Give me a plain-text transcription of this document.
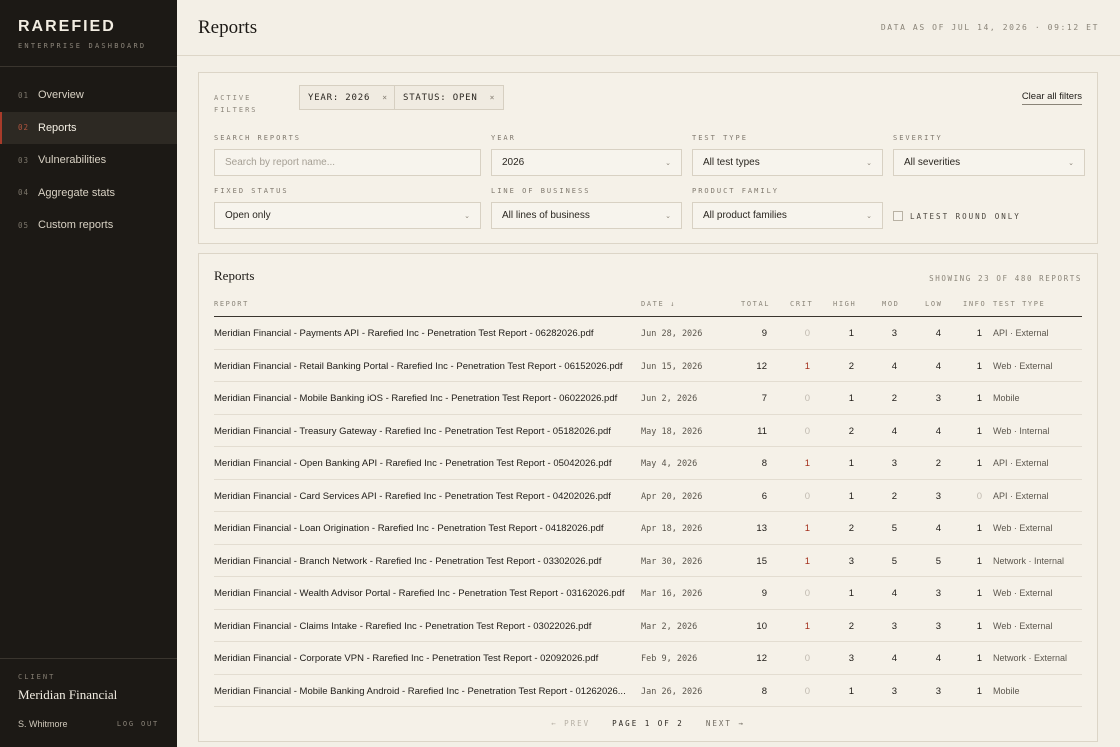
RAREFIED
ENTERPRISE DASHBOARD
01 Overview
02 Reports
03 Vulnerabilities
04 Aggregate stats
05 Custom reports
CLIENT
Meridian Financial
S. Whitmore	LOG OUT
Reports	DATA AS OF JUL 14, 2026 · 09:12 ET
ACTIVE FILTERS
YEAR: 2026 × STATUS: OPEN ×	Clear all filters
SEARCH REPORTS
Search by report name...
YEAR
2026	⌄
TEST TYPE
All test types	⌄
SEVERITY
All severities	⌄
FIXED STATUS
Open only	⌄
LINE OF BUSINESS
All lines of business	⌄
PRODUCT FAMILY
All product families	⌄	LATEST ROUND ONLY
Reports	SHOWING 23 OF 480 REPORTS
REPORT	DATE ↓	TOTAL	CRIT	HIGH	MOD	LOW	INFO TEST TYPE
Meridian Financial - Payments API - Rarefied Inc - Penetration Test Report - 06282026.pdf	Jun 28, 2026	9	0	1	3	4	1 API · External
Meridian Financial - Retail Banking Portal - Rarefied Inc - Penetration Test Report - 06152026.pdf	Jun 15, 2026	12	1	2	4	4	1 Web · External
Meridian Financial - Mobile Banking iOS - Rarefied Inc - Penetration Test Report - 06022026.pdf	Jun 2, 2026	7	0	1	2	3	1 Mobile
Meridian Financial - Treasury Gateway - Rarefied Inc - Penetration Test Report - 05182026.pdf	May 18, 2026	11	0	2	4	4	1 Web · Internal
Meridian Financial - Open Banking API - Rarefied Inc - Penetration Test Report - 05042026.pdf	May 4, 2026	8	1	1	3	2	1 API · External
Meridian Financial - Card Services API - Rarefied Inc - Penetration Test Report - 04202026.pdf	Apr 20, 2026	6	0	1	2	3	0 API · External
Meridian Financial - Loan Origination - Rarefied Inc - Penetration Test Report - 04182026.pdf	Apr 18, 2026	13	1	2	5	4	1 Web · External
Meridian Financial - Branch Network - Rarefied Inc - Penetration Test Report - 03302026.pdf	Mar 30, 2026	15	1	3	5	5	1 Network · Internal
Meridian Financial - Wealth Advisor Portal - Rarefied Inc - Penetration Test Report - 03162026.pdf	Mar 16, 2026	9	0	1	4	3	1 Web · External
Meridian Financial - Claims Intake - Rarefied Inc - Penetration Test Report - 03022026.pdf	Mar 2, 2026	10	1	2	3	3	1 Web · External
Meridian Financial - Corporate VPN - Rarefied Inc - Penetration Test Report - 02092026.pdf	Feb 9, 2026	12	0	3	4	4	1 Network · External
Meridian Financial - Mobile Banking Android - Rarefied Inc - Penetration Test Report - 01262026...	Jan 26, 2026	8	0	1	3	3	1 Mobile
← PREV	PAGE 1 OF 2	NEXT →
